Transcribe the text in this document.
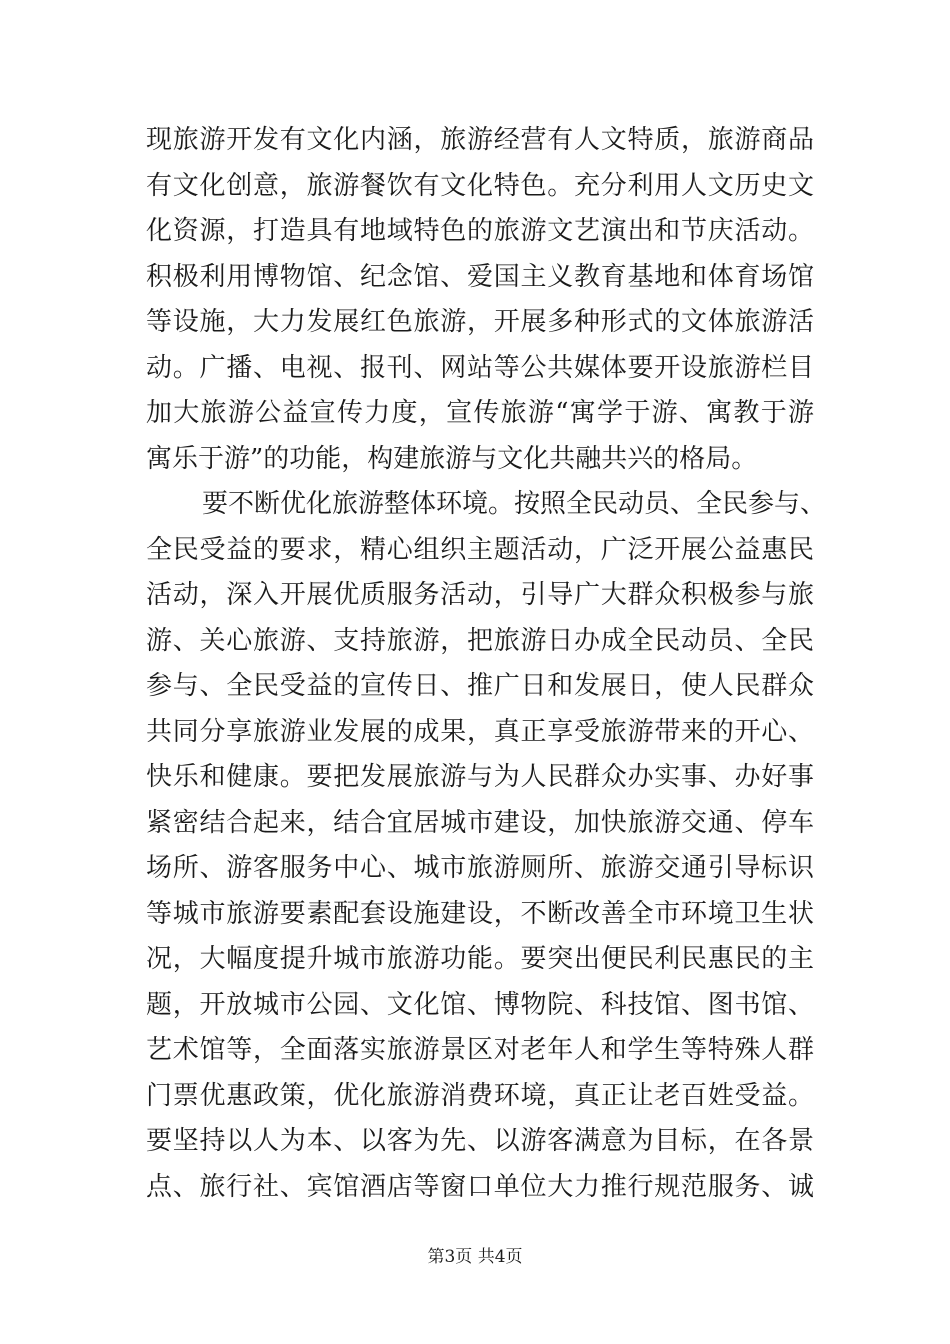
现旅游开发有文化内涵，旅游经营有人文特质，旅游商品
有文化创意，旅游餐饮有文化特色。充分利用人文历史文
化资源，打造具有地域特色的旅游文艺演出和节庆活动。
积极利用博物馆、纪念馆、爱国主义教育基地和体育场馆
等设施，大力发展红色旅游，开展多种形式的文体旅游活
动。广播、电视、报刊、网站等公共媒体要开设旅游栏目
加大旅游公益宣传力度，宣传旅游“寓学于游、寓教于游
寓乐于游”的功能，构建旅游与文化共融共兴的格局。
要不断优化旅游整体环境。按照全民动员、全民参与、
全民受益的要求，精心组织主题活动，广泛开展公益惠民
活动，深入开展优质服务活动，引导广大群众积极参与旅
游、关心旅游、支持旅游，把旅游日办成全民动员、全民
参与、全民受益的宣传日、推广日和发展日，使人民群众
共同分享旅游业发展的成果，真正享受旅游带来的开心、
快乐和健康。要把发展旅游与为人民群众办实事、办好事
紧密结合起来，结合宜居城市建设，加快旅游交通、停车
场所、游客服务中心、城市旅游厕所、旅游交通引导标识
等城市旅游要素配套设施建设，不断改善全市环境卫生状
况，大幅度提升城市旅游功能。要突出便民利民惠民的主
题，开放城市公园、文化馆、博物院、科技馆、图书馆、
艺术馆等，全面落实旅游景区对老年人和学生等特殊人群
门票优惠政策，优化旅游消费环境，真正让老百姓受益。
要坚持以人为本、以客为先、以游客满意为目标，在各景
点、旅行社、宾馆酒店等窗口单位大力推行规范服务、诚
第3页 共4页
